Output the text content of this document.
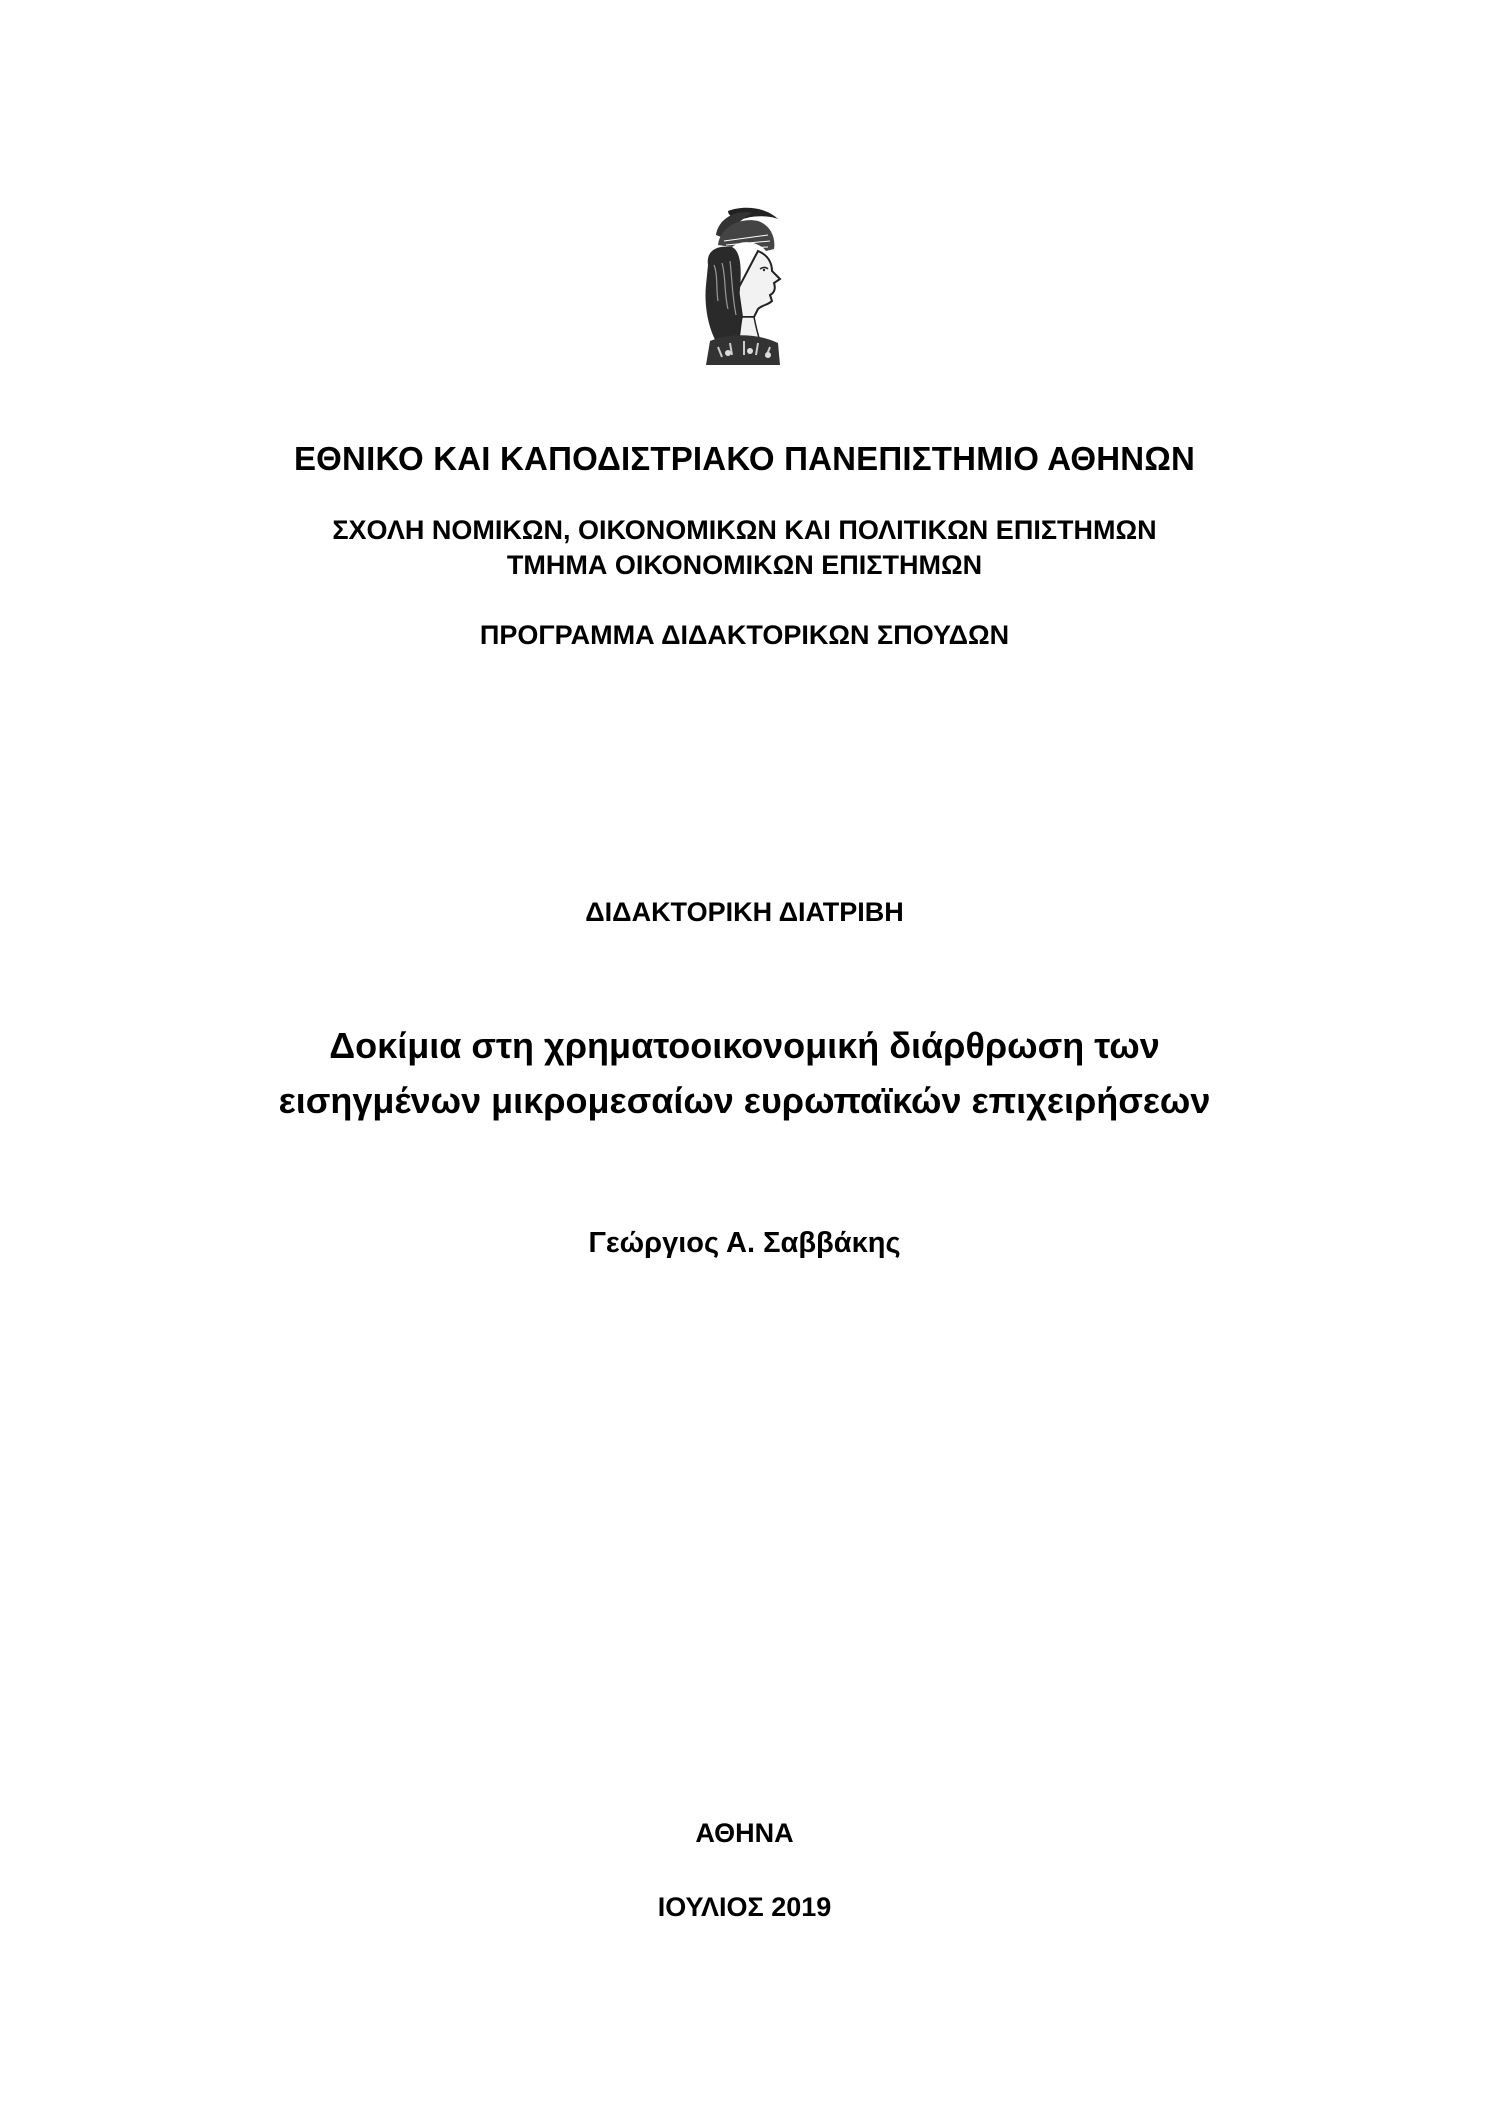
ΕΘΝΙΚΟ ΚΑΙ ΚΑΠΟΔΙΣΤΡΙΑΚΟ ΠΑΝΕΠΙΣΤΗΜΙΟ ΑΘΗΝΩΝ
ΣΧΟΛΗ ΝΟΜΙΚΩΝ, ΟΙΚΟΝΟΜΙΚΩΝ ΚΑΙ ΠΟΛΙΤΙΚΩΝ ΕΠΙΣΤΗΜΩΝ
ΤΜΗΜΑ ΟΙΚΟΝΟΜΙΚΩΝ ΕΠΙΣΤΗΜΩΝ
ΠΡΟΓΡΑΜΜΑ ΔΙΔΑΚΤΟΡΙΚΩΝ ΣΠΟΥΔΩΝ
ΔΙΔΑΚΤΟΡΙΚΗ ΔΙΑΤΡΙΒΗ
Δοκίμια στη χρηματοοικονομική διάρθρωση των
εισηγμένων μικρομεσαίων ευρωπαϊκών επιχειρήσεων
Γεώργιος Α. Σαββάκης
ΑΘΗΝΑ
ΙΟΥΛΙΟΣ 2019
